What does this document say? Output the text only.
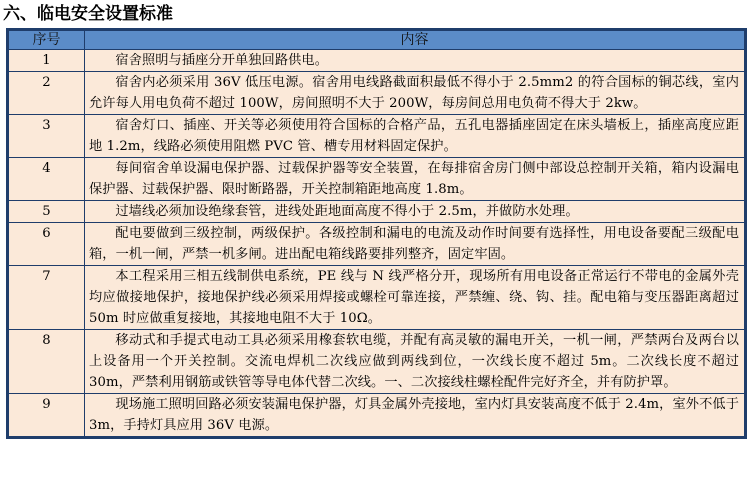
六、临电安全设置标准
序号	内容
1	宿舍照明与插座分开单独回路供电。
2	宿舍内必须采用 36V 低压电源。宿舍用电线路截面积最低不得小于 2.5mm2 的符合国标的铜芯线，室内允许每人用电负荷不超过 100W，房间照明不大于 200W，每房间总用电负荷不得大于 2kw。
3	宿舍灯口、插座、开关等必须使用符合国标的合格产品，五孔电器插座固定在床头墙板上，插座高度应距地 1.2m，线路必须使用阻燃 PVC 管、槽专用材料固定保护。
4	每间宿舍单设漏电保护器、过载保护器等安全装置，在每排宿舍房门侧中部设总控制开关箱，箱内设漏电保护器、过载保护器、限时断路器，开关控制箱距地高度 1.8m。
5	过墙线必须加设绝缘套管，进线处距地面高度不得小于 2.5m，并做防水处理。
6	配电要做到三级控制，两级保护。各级控制和漏电的电流及动作时间要有选择性，用电设备要配三级配电箱，一机一闸，严禁一机多闸。进出配电箱线路要排列整齐，固定牢固。
7	本工程采用三相五线制供电系统，PE 线与 N 线严格分开，现场所有用电设备正常运行不带电的金属外壳均应做接地保护，接地保护线必须采用焊接或螺栓可靠连接，严禁缠、绕、钩、挂。配电箱与变压器距离超过 50m 时应做重复接地，其接地电阻不大于 10Ω。
8	移动式和手提式电动工具必须采用橡套软电缆，并配有高灵敏的漏电开关，一机一闸，严禁两台及两台以上设备用一个开关控制。交流电焊机二次线应做到两线到位，一次线长度不超过 5m。二次线长度不超过 30m，严禁利用钢筋或铁管等导电体代替二次线。一、二次接线柱螺栓配件完好齐全，并有防护罩。
9	现场施工照明回路必须安装漏电保护器，灯具金属外壳接地，室内灯具安装高度不低于 2.4m，室外不低于 3m，手持灯具应用 36V 电源。
